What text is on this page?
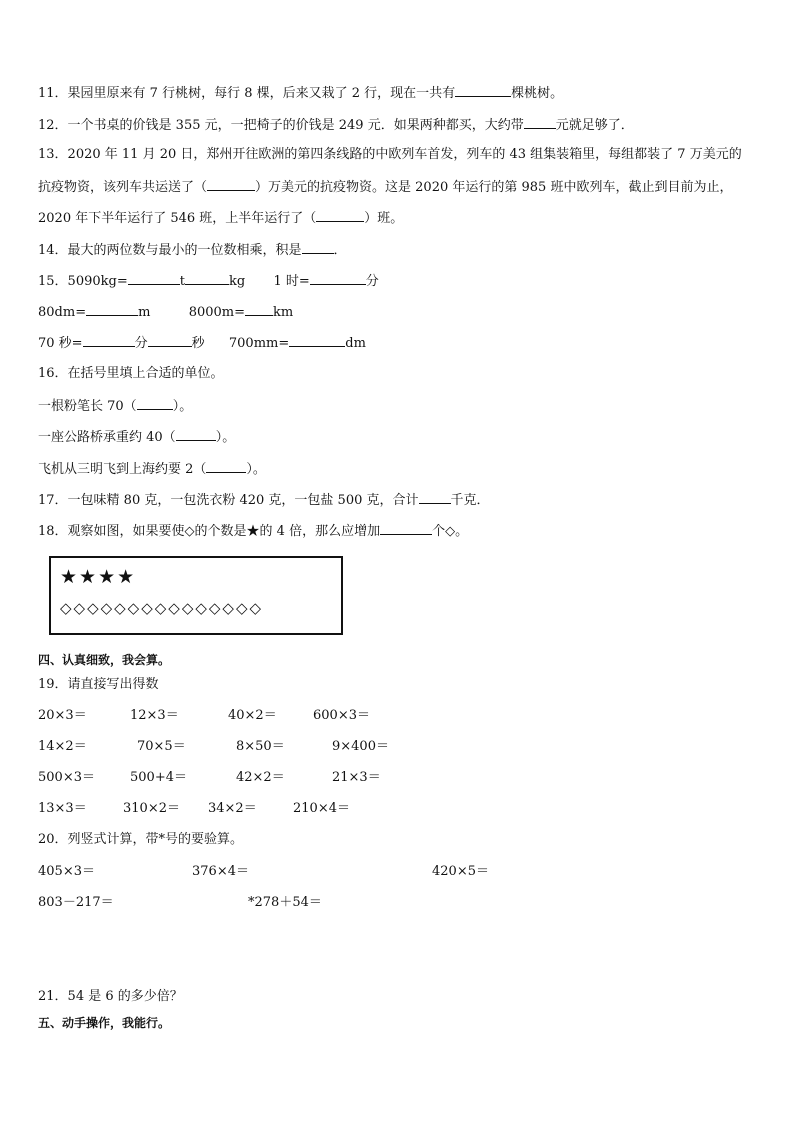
11．果园里原来有 7 行桃树，每行 8 棵，后来又栽了 2 行，现在一共有	棵桃树。
12．一个书桌的价钱是 355 元，一把椅子的价钱是 249 元．如果两种都买，大约带 元就足够了．
13．2020 年 11 月 20 日，郑州开往欧洲的第四条线路的中欧列车首发，列车的 43 组集装箱里，每组都装了 7 万美元的
抗疫物资，该列车共运送了（	）万美元的抗疫物资。这是 2020 年运行的第 985 班中欧列车，截止到目前为止，
2020 年下半年运行了 546 班，上半年运行了（	）班。
14．最大的两位数与最小的一位数相乘，积是 ．
15．5090kg=	t	kg 1 时=	分
80dm=	m	8000m= km
70 秒=	分	秒 700mm=	dm
16．在括号里填上合适的单位。
一根粉笔长 70（	）。
一座公路桥承重约 40（	）。
飞机从三明飞到上海约要 2（	）。
17．一包味精 80 克，一包洗衣粉 420 克，一包盐 500 克，合计 千克．
18．观察如图，如果要使◇的个数是★的 4 倍，那么应增加	个◇。
★★★★
◇◇◇◇◇◇◇◇◇◇◇◇◇◇◇
四、认真细致，我会算。
19．请直接写出得数
20×3＝	12×3＝	40×2＝	600×3＝
14×2＝	70×5＝	8×50＝	9×400＝
500×3＝	500+4＝	42×2＝	21×3＝
13×3＝	310×2＝ 34×2＝	210×4＝
20．列竖式计算，带*号的要验算。
405×3＝	376×4＝	420×5＝
803－217＝	*278＋54＝
21．54 是 6 的多少倍？
五、动手操作，我能行。
